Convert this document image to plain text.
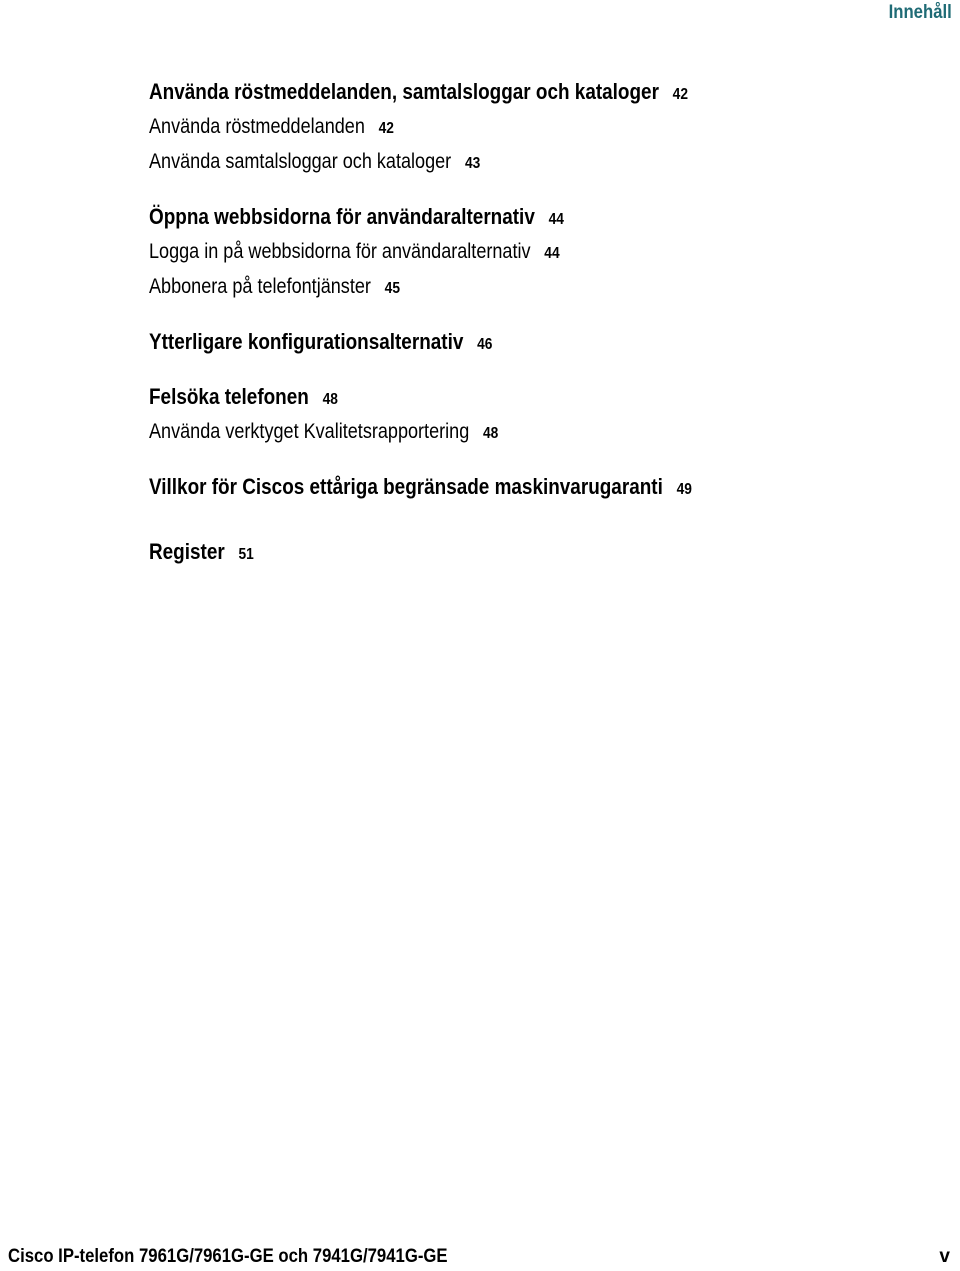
Innehåll
Använda röstmeddelanden, samtalsloggar och kataloger 42
Använda röstmeddelanden 42
Använda samtalsloggar och kataloger 43
Öppna webbsidorna för användaralternativ 44
Logga in på webbsidorna för användaralternativ 44
Abbonera på telefontjänster 45
Ytterligare konfigurationsalternativ 46
Felsöka telefonen 48
Använda verktyget Kvalitetsrapportering 48
Villkor för Ciscos ettåriga begränsade maskinvarugaranti 49
Register 51
Cisco IP-telefon 7961G/7961G-GE och 7941G/7941G-GE	v
